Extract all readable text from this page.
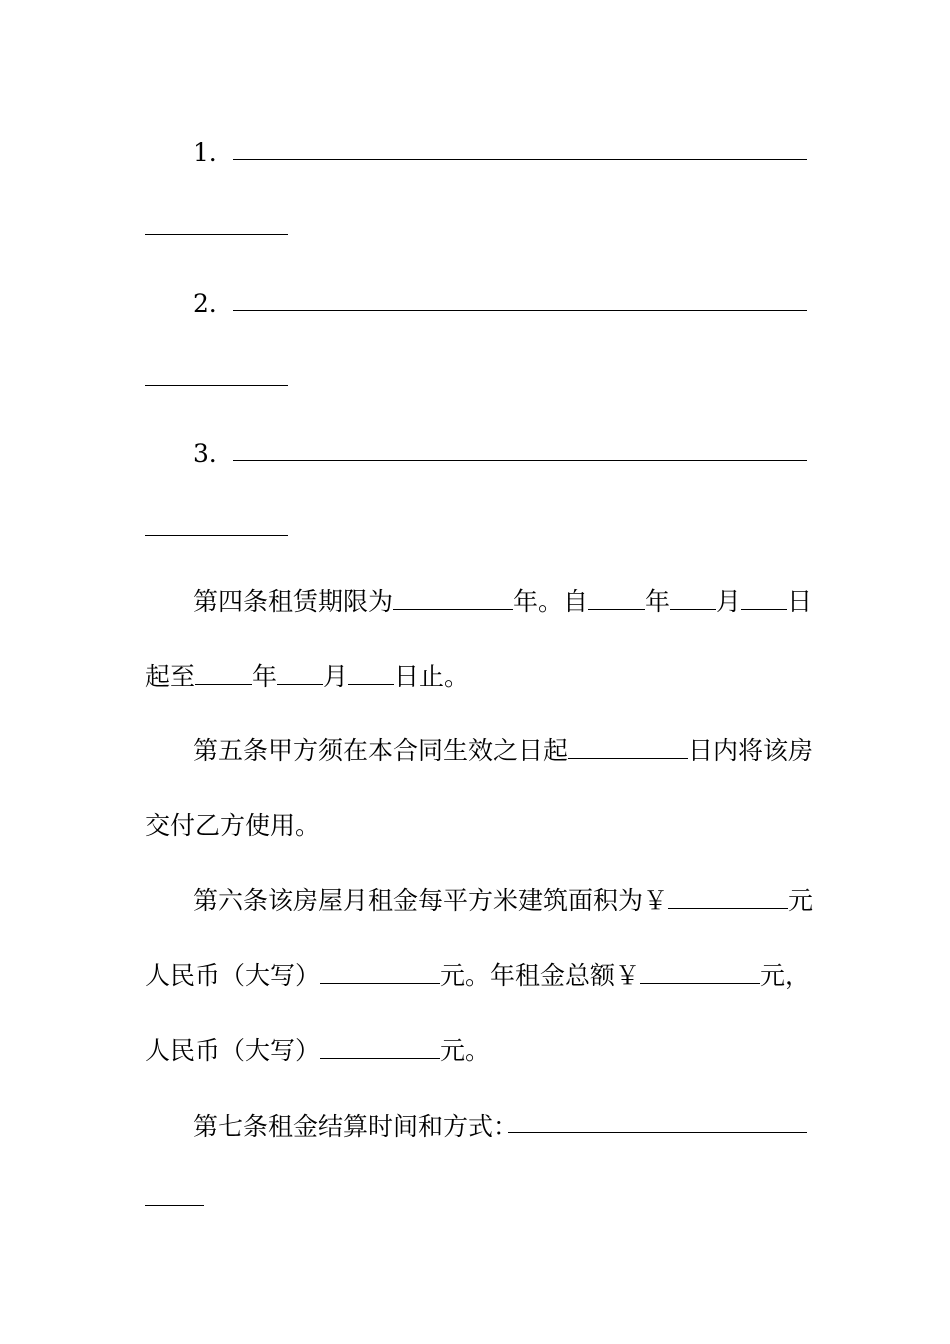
1．
2．
3．
第四条租赁期限为	年。自 年 月 日
起至 年 月 日止。
第五条甲方须在本合同生效之日起	日内将该房
交付乙方使用。
第六条该房屋月租金每平方米建筑面积为￥	元
人民币（大写）	元。年租金总额￥	元，
人民币（大写）	元。
第七条租金结算时间和方式：
